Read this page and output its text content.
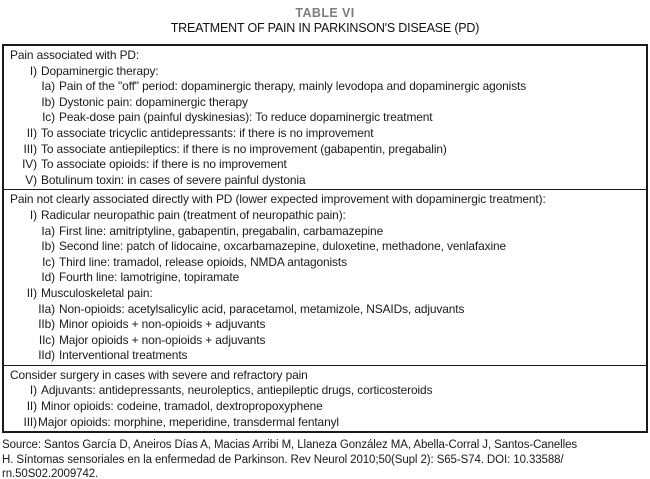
TABLE VI
TREATMENT OF PAIN IN PARKINSON'S DISEASE (PD)
Pain associated with PD:
I) Dopaminergic therapy:
Ia) Pain of the "off" period: dopaminergic therapy, mainly levodopa and dopaminergic agonists
Ib) Dystonic pain: dopaminergic therapy
Ic) Peak-dose pain (painful dyskinesias): To reduce dopaminergic treatment
II) To associate tricyclic antidepressants: if there is no improvement
III) To associate antiepileptics: if there is no improvement (gabapentin, pregabalin)
IV) To associate opioids: if there is no improvement
V) Botulinum toxin: in cases of severe painful dystonia
Pain not clearly associated directly with PD (lower expected improvement with dopaminergic treatment):
I) Radicular neuropathic pain (treatment of neuropathic pain):
Ia) First line: amitriptyline, gabapentin, pregabalin, carbamazepine
Ib) Second line: patch of lidocaine, oxcarbamazepine, duloxetine, methadone, venlafaxine
Ic) Third line: tramadol, release opioids, NMDA antagonists
Id) Fourth line: lamotrigine, topiramate
II) Musculoskeletal pain:
IIa) Non-opioids: acetylsalicylic acid, paracetamol, metamizole, NSAIDs, adjuvants
IIb) Minor opioids + non-opioids + adjuvants
IIc) Major opioids + non-opioids + adjuvants
IId) Interventional treatments
Consider surgery in cases with severe and refractory pain
I) Adjuvants: antidepressants, neuroleptics, antiepileptic drugs, corticosteroids
II) Minor opioids: codeine, tramadol, dextropropoxyphene
III) Major opioids: morphine, meperidine, transdermal fentanyl
Source: Santos García D, Aneiros Días A, Macias Arribi M, Llaneza González MA, Abella-Corral J, Santos-Canelles
H. Síntomas sensoriales en la enfermedad de Parkinson. Rev Neurol 2010;50(Supl 2): S65-S74. DOI: 10.33588/
rn.50S02.2009742.
